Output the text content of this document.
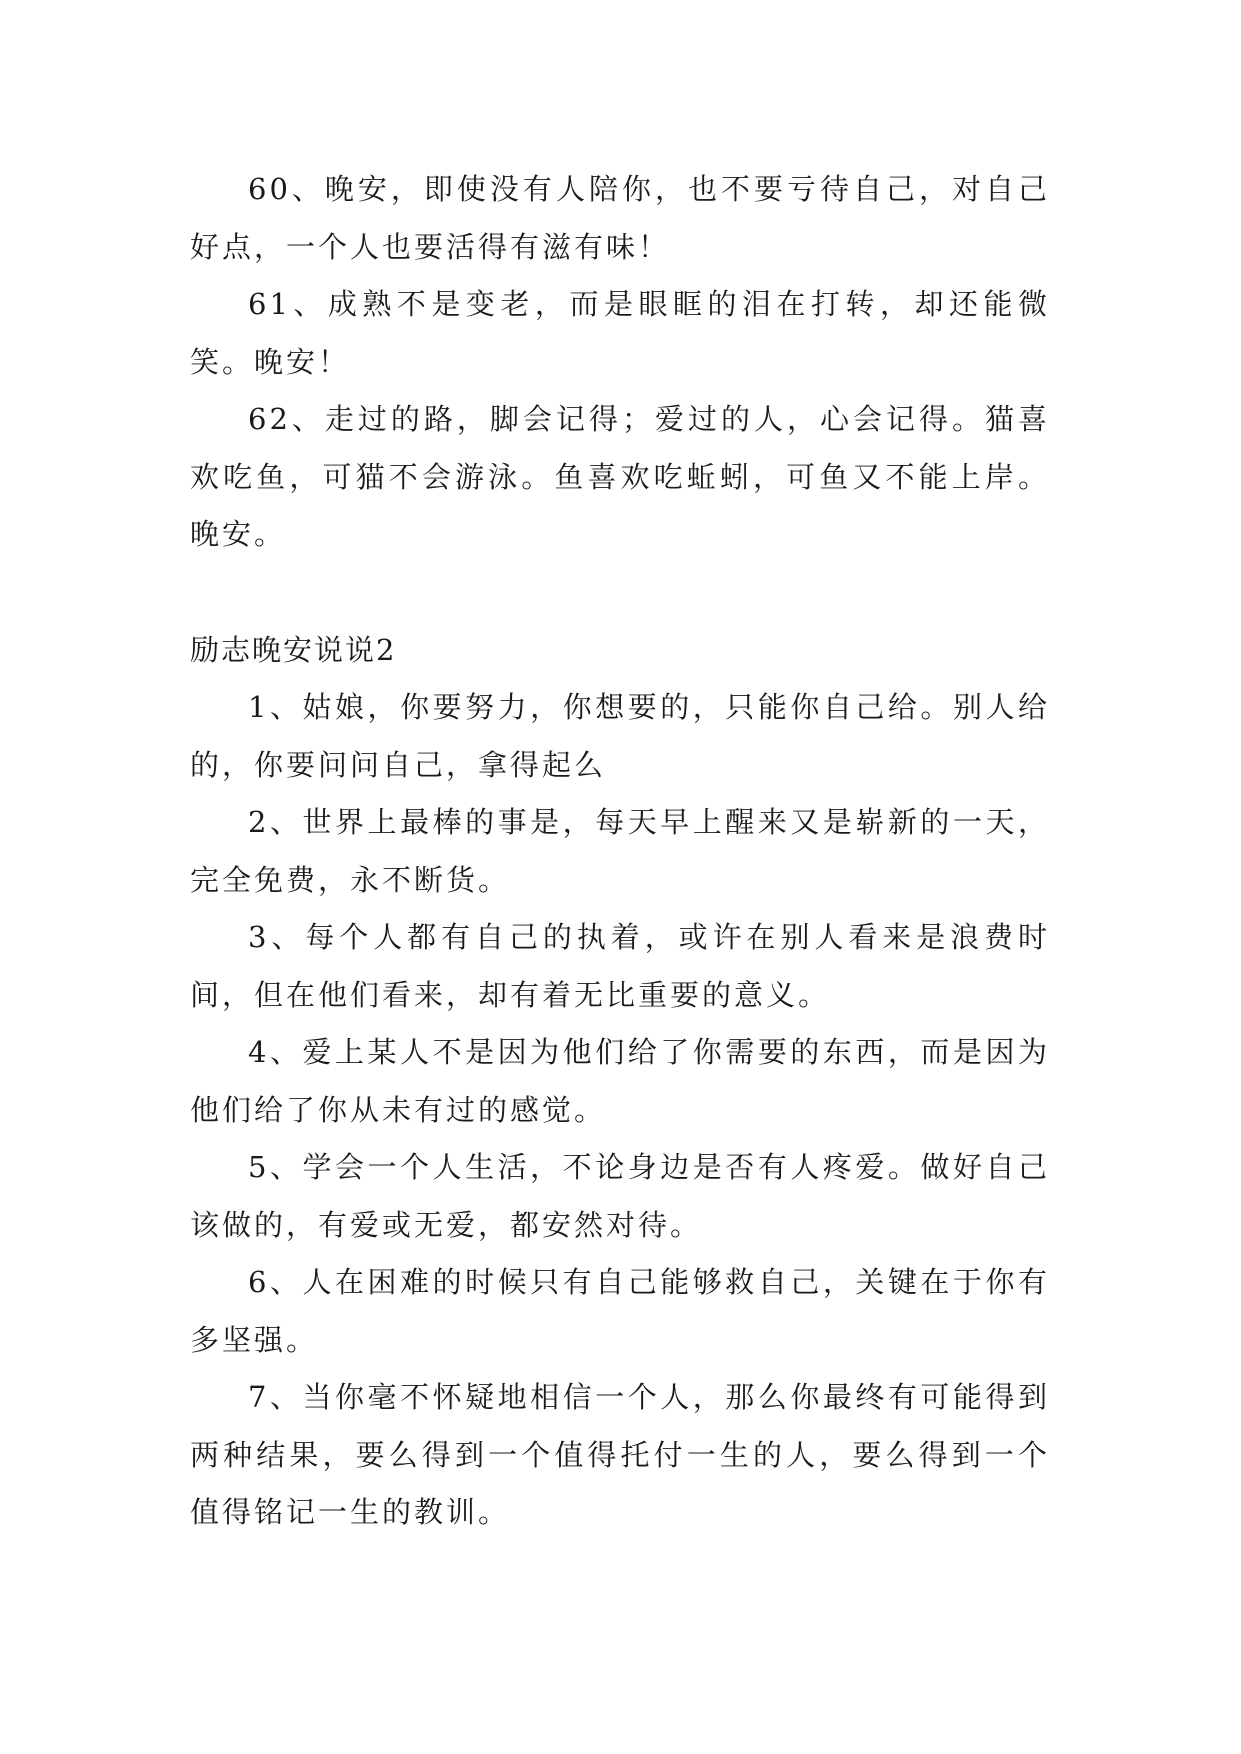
60、晚安，即使没有人陪你，也不要亏待自己，对自己好点，一个人也要活得有滋有味！

61、成熟不是变老，而是眼眶的泪在打转，却还能微笑。晚安！

62、走过的路，脚会记得；爱过的人，心会记得。猫喜欢吃鱼，可猫不会游泳。鱼喜欢吃蚯蚓，可鱼又不能上岸。晚安。

励志晚安说说2

1、姑娘，你要努力，你想要的，只能你自己给。别人给的，你要问问自己，拿得起么

2、世界上最棒的事是，每天早上醒来又是崭新的一天，完全免费，永不断货。

3、每个人都有自己的执着，或许在别人看来是浪费时间，但在他们看来，却有着无比重要的意义。

4、爱上某人不是因为他们给了你需要的东西，而是因为他们给了你从未有过的感觉。

5、学会一个人生活，不论身边是否有人疼爱。做好自己该做的，有爱或无爱，都安然对待。

6、人在困难的时候只有自己能够救自己，关键在于你有多坚强。

7、当你毫不怀疑地相信一个人，那么你最终有可能得到两种结果，要么得到一个值得托付一生的人，要么得到一个值得铭记一生的教训。
